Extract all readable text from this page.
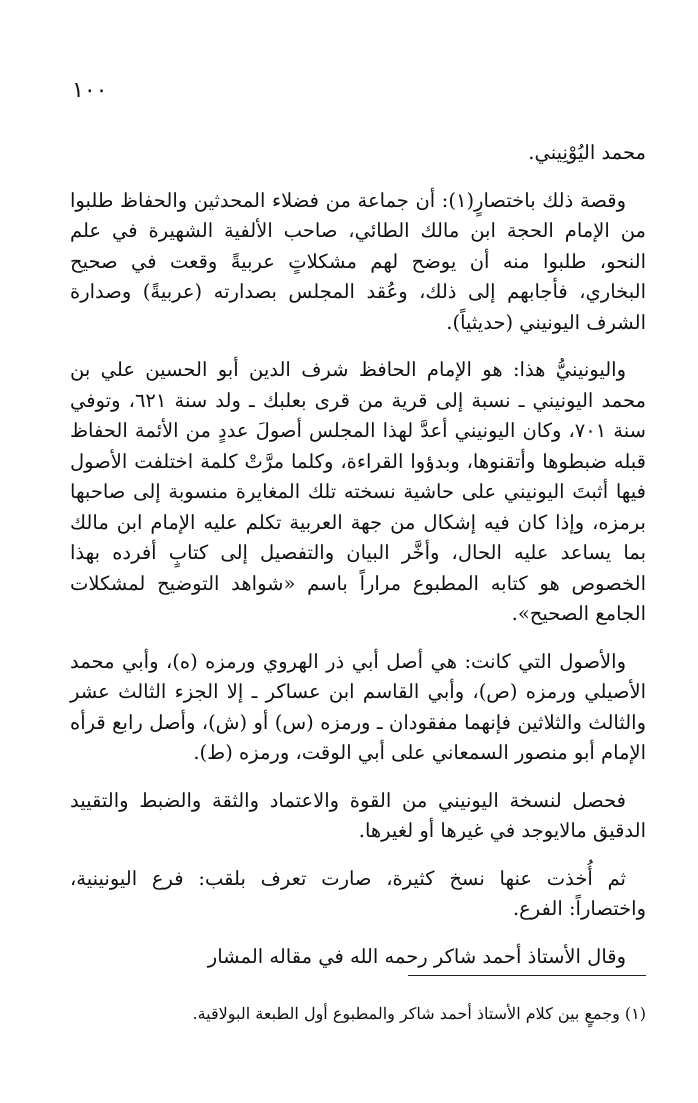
١٠٠

محمد اليُوْنِيني.

وقصة ذلك باختصارٍ(١): أن جماعة من فضلاء المحدثين والحفاظ طلبوا من الإمام الحجة ابن مالك الطائي، صاحب الألفية الشهيرة في علم النحو، طلبوا منه أن يوضح لهم مشكلاتٍ عربيةً وقعت في صحيح البخاري، فأجابهم إلى ذلك، وعُقد المجلس بصدارته (عربيةً) وصدارة الشرف اليونيني (حديثياً).

واليونينيُّ هذا: هو الإمام الحافظ شرف الدين أبو الحسين علي بن محمد اليونيني ـ نسبة إلى قرية من قرى بعلبك ـ ولد سنة ٦٢١، وتوفي سنة ٧٠١، وكان اليونيني أعدَّ لهذا المجلس أصولَ عددٍ من الأئمة الحفاظ قبله ضبطوها وأتقنوها، وبدؤوا القراءة، وكلما مرَّتْ كلمة اختلفت الأصول فيها أثبتَ اليونيني على حاشية نسخته تلك المغايرة منسوبة إلى صاحبها برمزه، وإذا كان فيه إشكال من جهة العربية تكلم عليه الإمام ابن مالك بما يساعد عليه الحال، وأخَّر البيان والتفصيل إلى كتابٍ أفرده بهذا الخصوص هو كتابه المطبوع مراراً باسم «شواهد التوضيح لمشكلات الجامع الصحيح».

والأصول التي كانت: هي أصل أبي ذر الهروي ورمزه (ه)، وأبي محمد الأصيلي ورمزه (ص)، وأبي القاسم ابن عساكر ـ إلا الجزء الثالث عشر والثالث والثلاثين فإنهما مفقودان ـ ورمزه (س) أو (ش)، وأصل رابع قرأه الإمام أبو منصور السمعاني على أبي الوقت، ورمزه (ط).

فحصل لنسخة اليونيني من القوة والاعتماد والثقة والضبط والتقييد الدقيق مالايوجد في غيرها أو لغيرها.

ثم أُخذت عنها نسخ كثيرة، صارت تعرف بلقب: فرع اليونينية، واختصاراً: الفرع.

وقال الأستاذ أحمد شاكر رحمه الله في مقاله المشار

(١) وجمعٍ بين كلام الأستاذ أحمد شاكر والمطبوع أول الطبعة البولاقية.
